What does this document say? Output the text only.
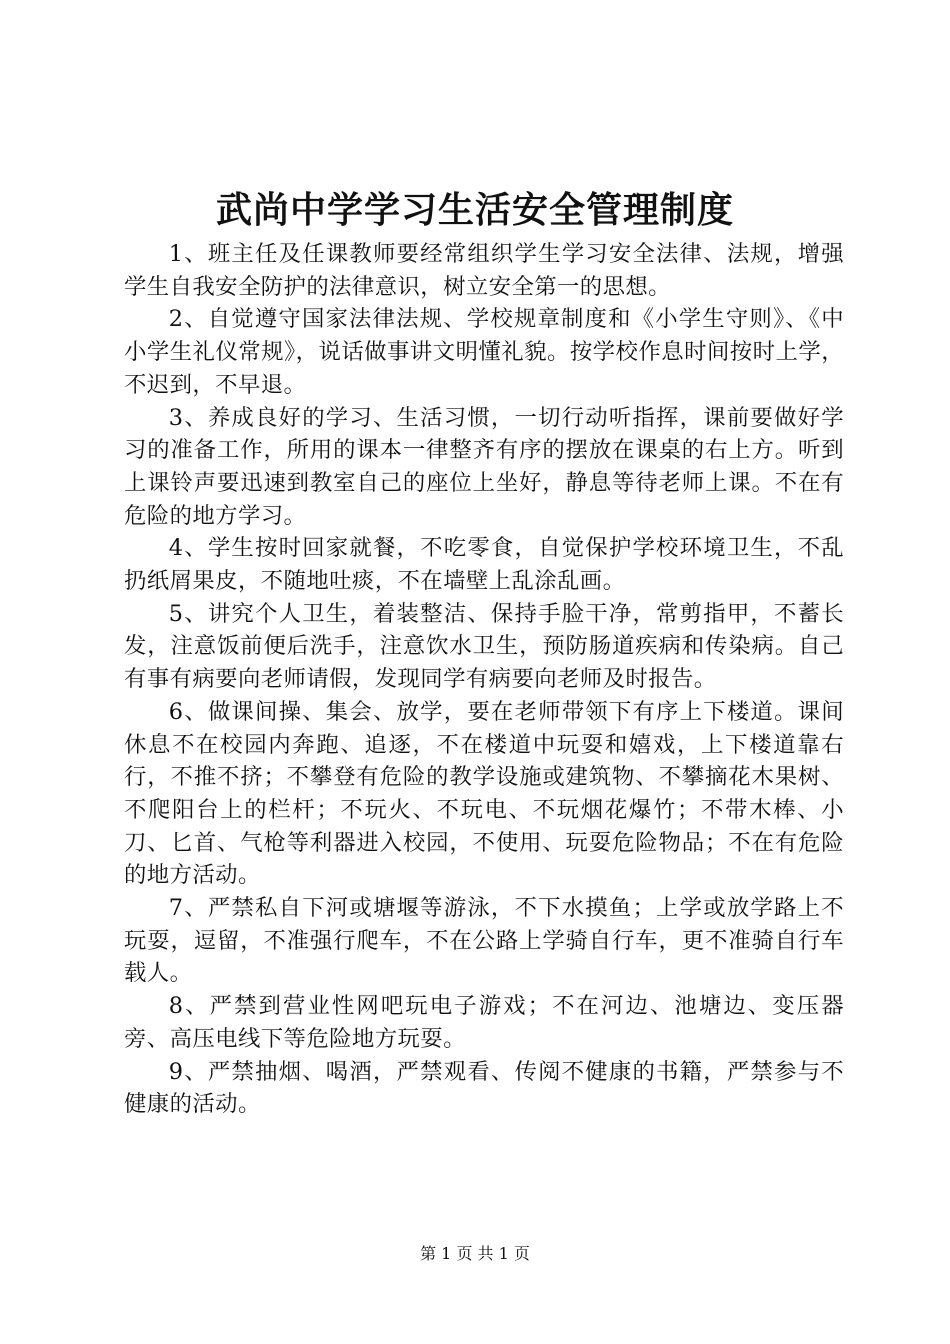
武尚中学学习生活安全管理制度

1、班主任及任课教师要经常组织学生学习安全法律、法规，增强学生自我安全防护的法律意识，树立安全第一的思想。

2、自觉遵守国家法律法规、学校规章制度和《小学生守则》、《中小学生礼仪常规》，说话做事讲文明懂礼貌。按学校作息时间按时上学，不迟到，不早退。

3、养成良好的学习、生活习惯，一切行动听指挥，课前要做好学习的准备工作，所用的课本一律整齐有序的摆放在课桌的右上方。听到上课铃声要迅速到教室自己的座位上坐好，静息等待老师上课。不在有危险的地方学习。

4、学生按时回家就餐，不吃零食，自觉保护学校环境卫生，不乱扔纸屑果皮，不随地吐痰，不在墙壁上乱涂乱画。

5、讲究个人卫生，着装整洁、保持手脸干净，常剪指甲，不蓄长发，注意饭前便后洗手，注意饮水卫生，预防肠道疾病和传染病。自己有事有病要向老师请假，发现同学有病要向老师及时报告。

6、做课间操、集会、放学，要在老师带领下有序上下楼道。课间休息不在校园内奔跑、追逐，不在楼道中玩耍和嬉戏，上下楼道靠右行，不推不挤；不攀登有危险的教学设施或建筑物、不攀摘花木果树、不爬阳台上的栏杆；不玩火、不玩电、不玩烟花爆竹；不带木棒、小刀、匕首、气枪等利器进入校园，不使用、玩耍危险物品；不在有危险的地方活动。

7、严禁私自下河或塘堰等游泳，不下水摸鱼；上学或放学路上不玩耍，逗留，不准强行爬车，不在公路上学骑自行车，更不准骑自行车载人。

8、严禁到营业性网吧玩电子游戏；不在河边、池塘边、变压器旁、高压电线下等危险地方玩耍。

9、严禁抽烟、喝酒，严禁观看、传阅不健康的书籍，严禁参与不健康的活动。

第 1 页 共 1 页
